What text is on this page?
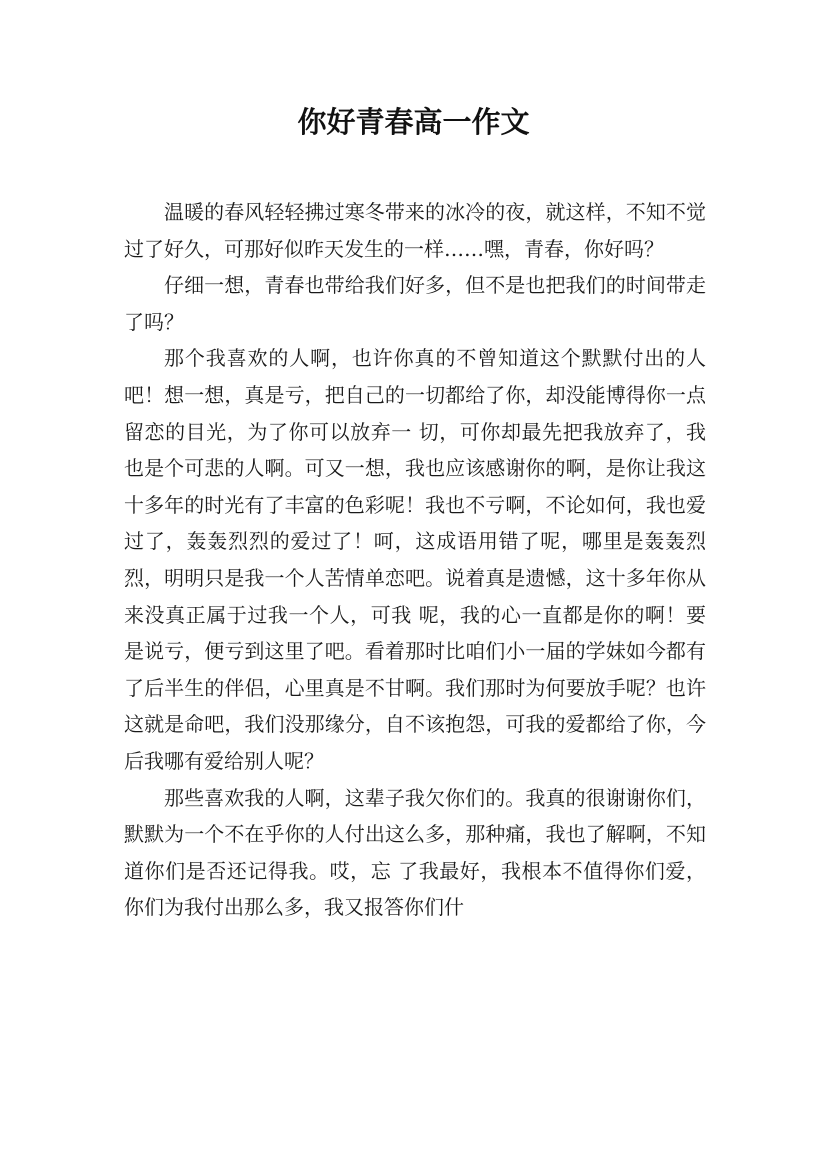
你好青春高一作文

温暖的春风轻轻拂过寒冬带来的冰冷的夜，就这样，不知不觉过了好久，可那好似昨天发生的一样……嘿，青春，你好吗？

仔细一想，青春也带给我们好多，但不是也把我们的时间带走了吗？

那个我喜欢的人啊，也许你真的不曾知道这个默默付出的人吧！想一想，真是亏，把自己的一切都给了你，却没能博得你一点留恋的目光，为了你可以放弃一 切，可你却最先把我放弃了，我也是个可悲的人啊。可又一想，我也应该感谢你的啊，是你让我这十多年的时光有了丰富的色彩呢！我也不亏啊，不论如何，我也爱 过了，轰轰烈烈的爱过了！呵，这成语用错了呢，哪里是轰轰烈烈，明明只是我一个人苦情单恋吧。说着真是遗憾，这十多年你从来没真正属于过我一个人，可我 呢，我的心一直都是你的啊！要是说亏，便亏到这里了吧。看着那时比咱们小一届的学妹如今都有了后半生的伴侣，心里真是不甘啊。我们那时为何要放手呢？也许 这就是命吧，我们没那缘分，自不该抱怨，可我的爱都给了你，今后我哪有爱给别人呢？

那些喜欢我的人啊，这辈子我欠你们的。我真的很谢谢你们，默默为一个不在乎你的人付出这么多，那种痛，我也了解啊，不知道你们是否还记得我。哎，忘 了我最好，我根本不值得你们爱，你们为我付出那么多，我又报答你们什
